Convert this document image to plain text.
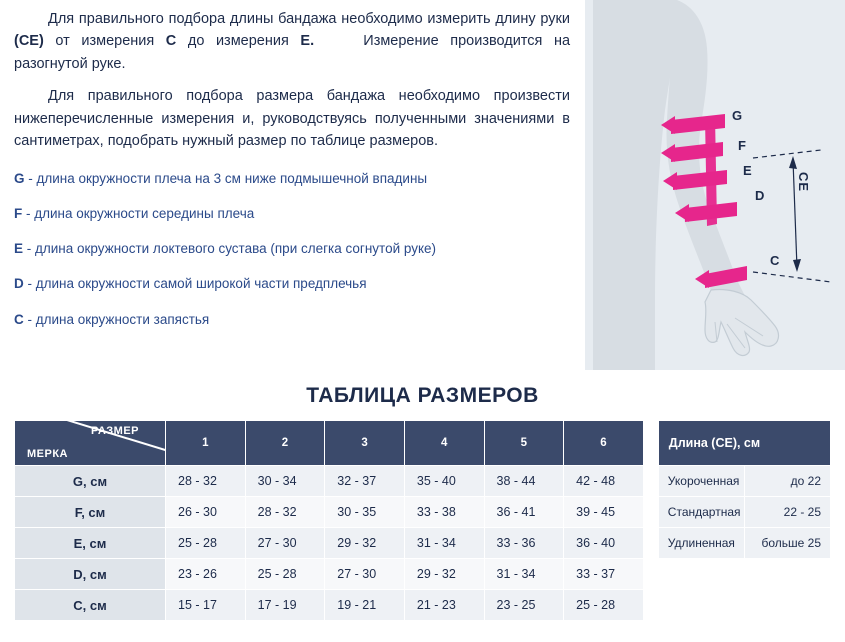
Для правильного подбора длины бандажа необходимо измерить длину руки (CE) от измерения C до измерения E.	Измерение производится на разогнутой руке.

Для правильного подбора размера бандажа необходимо произвести нижеперечисленные измерения и, руководствуясь полученными значениями в сантиметрах, подобрать нужный размер по таблице размеров.

G - длина окружности плеча на 3 см ниже подмышечной впадины
F - длина окружности середины плеча
E - длина окружности локтевого сустава (при слегка согнутой руке)
D - длина окружности самой широкой части предплечья
C - длина окружности запястья
G
F
E
D
C
CE
ТАБЛИЦА РАЗМЕРОВ
РАЗМЕР
МЕРКА	1	2	3	4	5	6
G, см	28 - 32	30 - 34	32 - 37	35 - 40	38 - 44	42 - 48
F, см	26 - 30	28 - 32	30 - 35	33 - 38	36 - 41	39 - 45
E, см	25 - 28	27 - 30	29 - 32	31 - 34	33 - 36	36 - 40
D, см	23 - 26	25 - 28	27 - 30	29 - 32	31 - 34	33 - 37
C, см	15 - 17	17 - 19	19 - 21	21 - 23	23 - 25	25 - 28
Длина (CE), см	
Укороченная	до 22
Стандартная	22 - 25
Удлиненная	больше 25
